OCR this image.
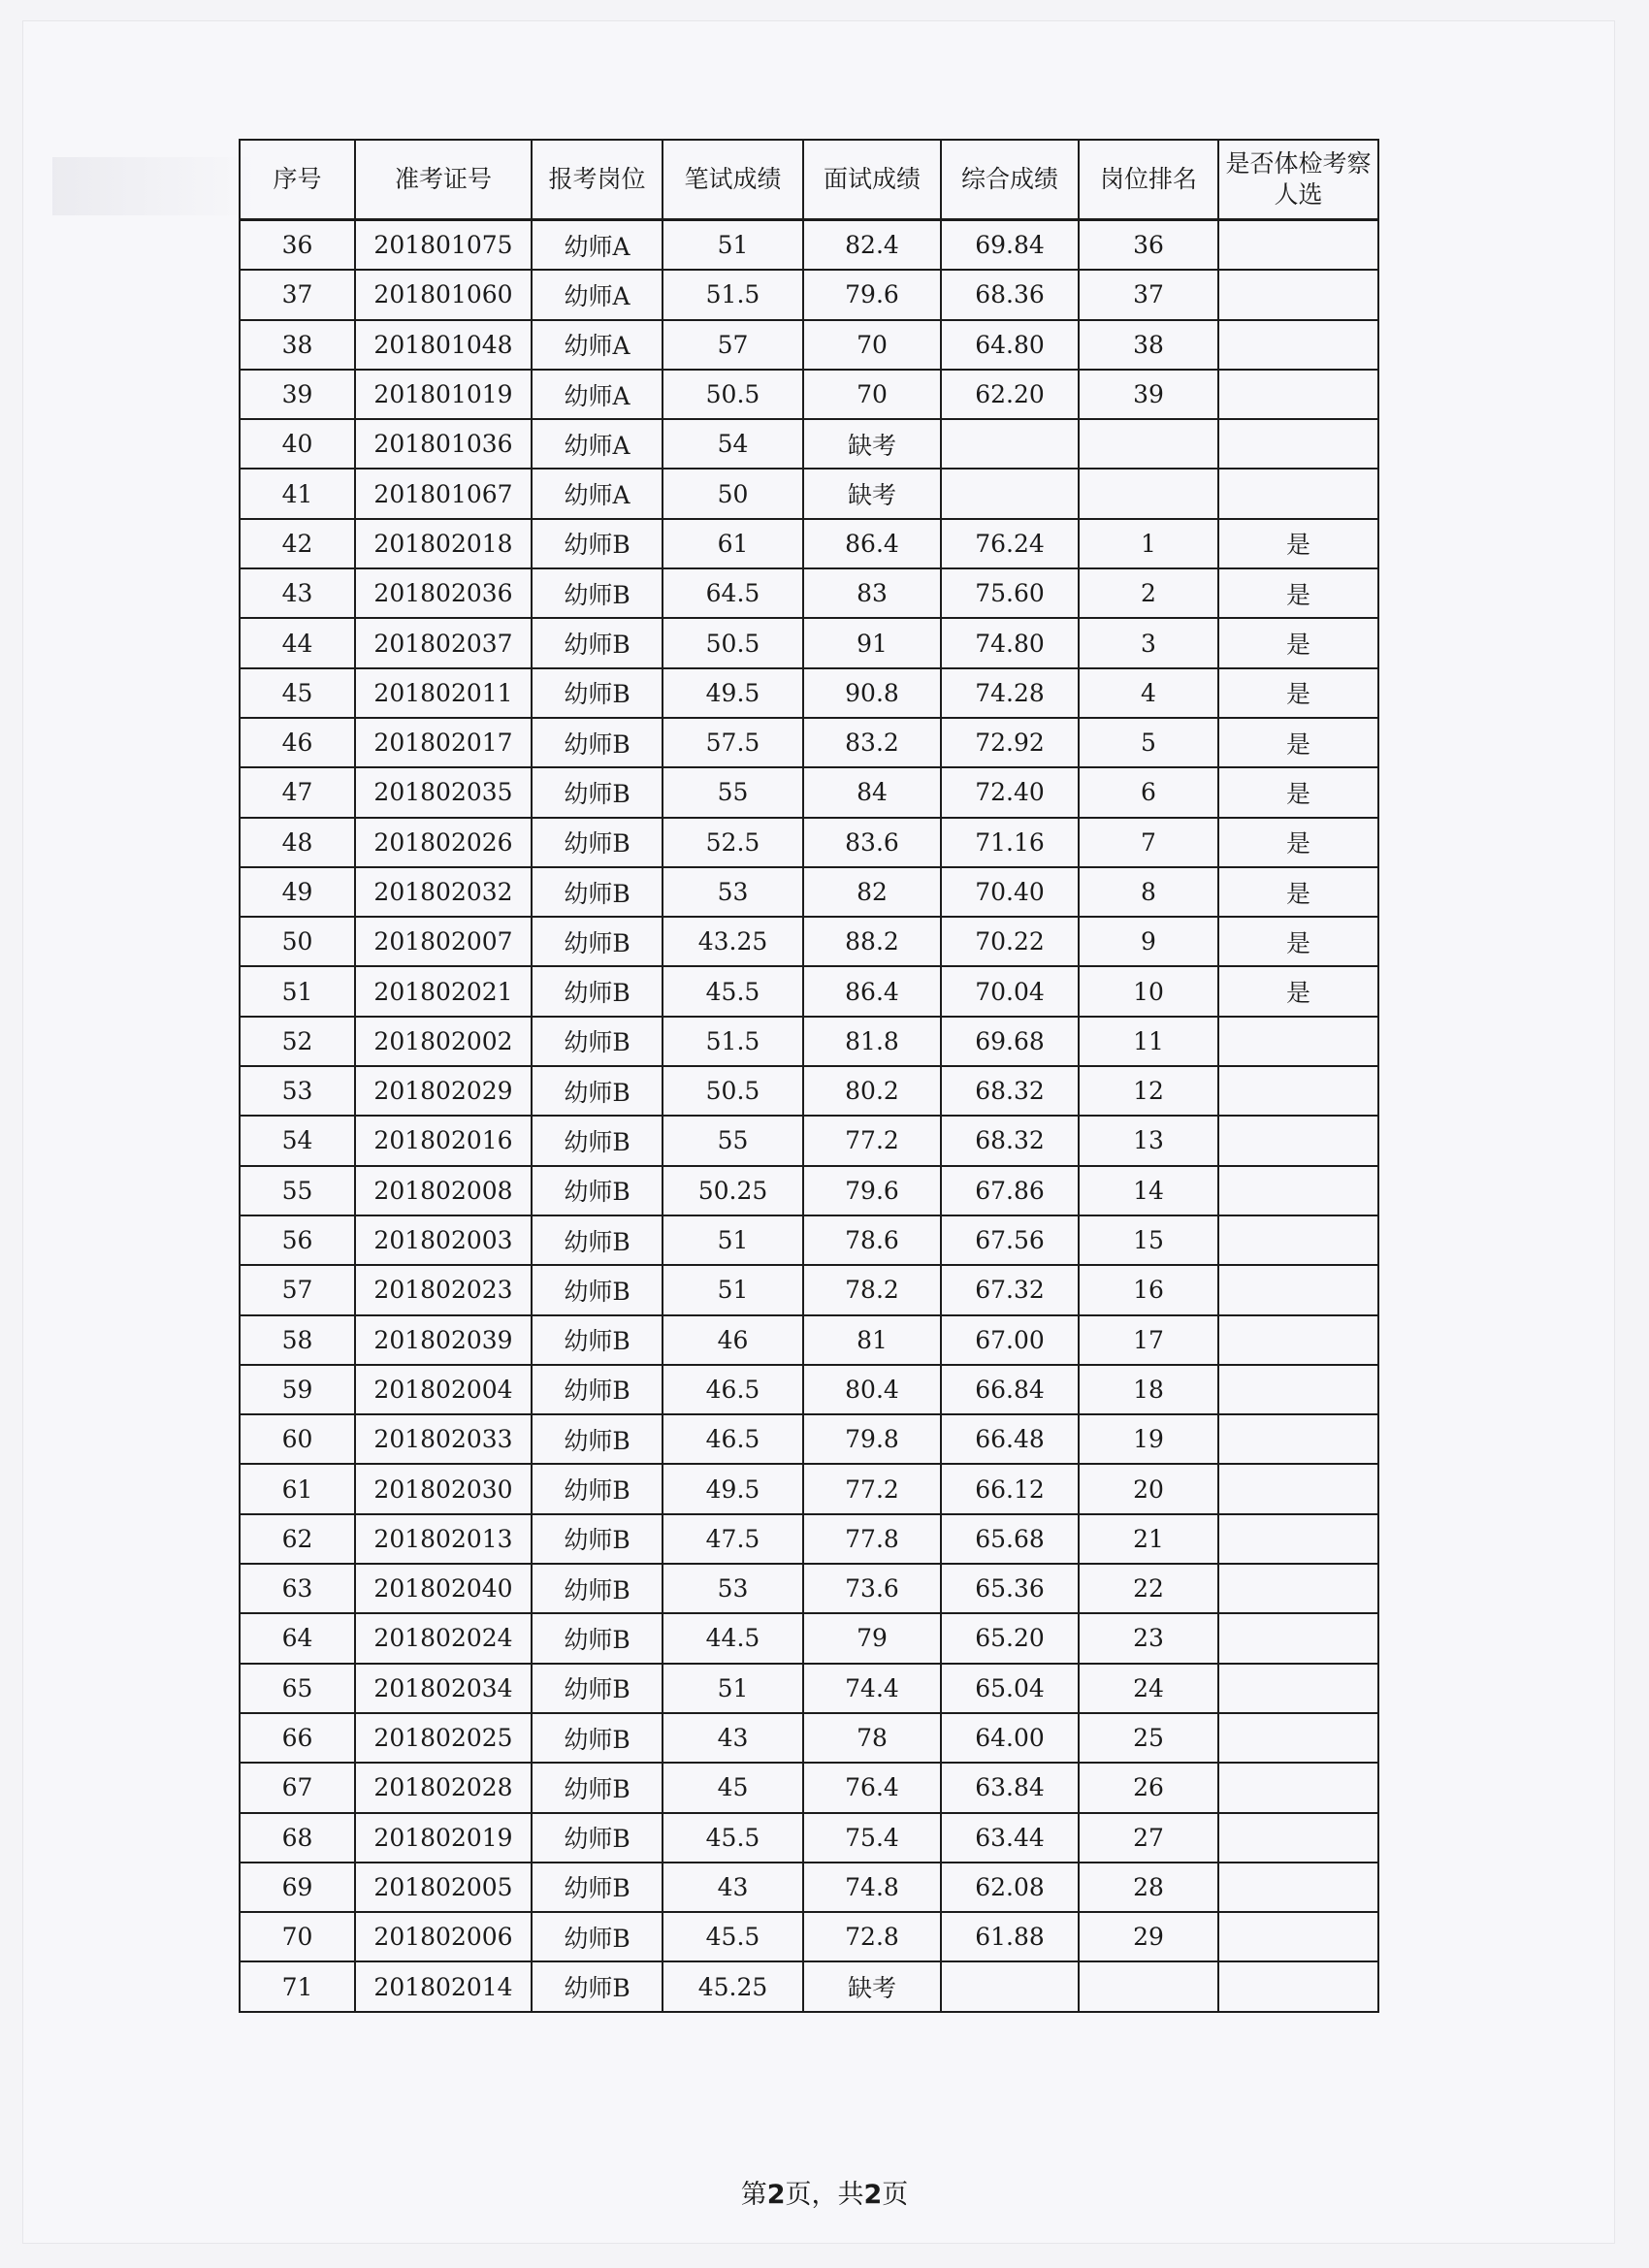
序号	准考证号	报考岗位	笔试成绩	面试成绩	综合成绩	岗位排名	是否体检考察人选
36	201801075	幼师A	51	82.4	69.84	36	
37	201801060	幼师A	51.5	79.6	68.36	37	
38	201801048	幼师A	57	70	64.80	38	
39	201801019	幼师A	50.5	70	62.20	39	
40	201801036	幼师A	54	缺考			
41	201801067	幼师A	50	缺考			
42	201802018	幼师B	61	86.4	76.24	1	是
43	201802036	幼师B	64.5	83	75.60	2	是
44	201802037	幼师B	50.5	91	74.80	3	是
45	201802011	幼师B	49.5	90.8	74.28	4	是
46	201802017	幼师B	57.5	83.2	72.92	5	是
47	201802035	幼师B	55	84	72.40	6	是
48	201802026	幼师B	52.5	83.6	71.16	7	是
49	201802032	幼师B	53	82	70.40	8	是
50	201802007	幼师B	43.25	88.2	70.22	9	是
51	201802021	幼师B	45.5	86.4	70.04	10	是
52	201802002	幼师B	51.5	81.8	69.68	11	
53	201802029	幼师B	50.5	80.2	68.32	12	
54	201802016	幼师B	55	77.2	68.32	13	
55	201802008	幼师B	50.25	79.6	67.86	14	
56	201802003	幼师B	51	78.6	67.56	15	
57	201802023	幼师B	51	78.2	67.32	16	
58	201802039	幼师B	46	81	67.00	17	
59	201802004	幼师B	46.5	80.4	66.84	18	
60	201802033	幼师B	46.5	79.8	66.48	19	
61	201802030	幼师B	49.5	77.2	66.12	20	
62	201802013	幼师B	47.5	77.8	65.68	21	
63	201802040	幼师B	53	73.6	65.36	22	
64	201802024	幼师B	44.5	79	65.20	23	
65	201802034	幼师B	51	74.4	65.04	24	
66	201802025	幼师B	43	78	64.00	25	
67	201802028	幼师B	45	76.4	63.84	26	
68	201802019	幼师B	45.5	75.4	63.44	27	
69	201802005	幼师B	43	74.8	62.08	28	
70	201802006	幼师B	45.5	72.8	61.88	29	
71	201802014	幼师B	45.25	缺考			
第2页，共2页
